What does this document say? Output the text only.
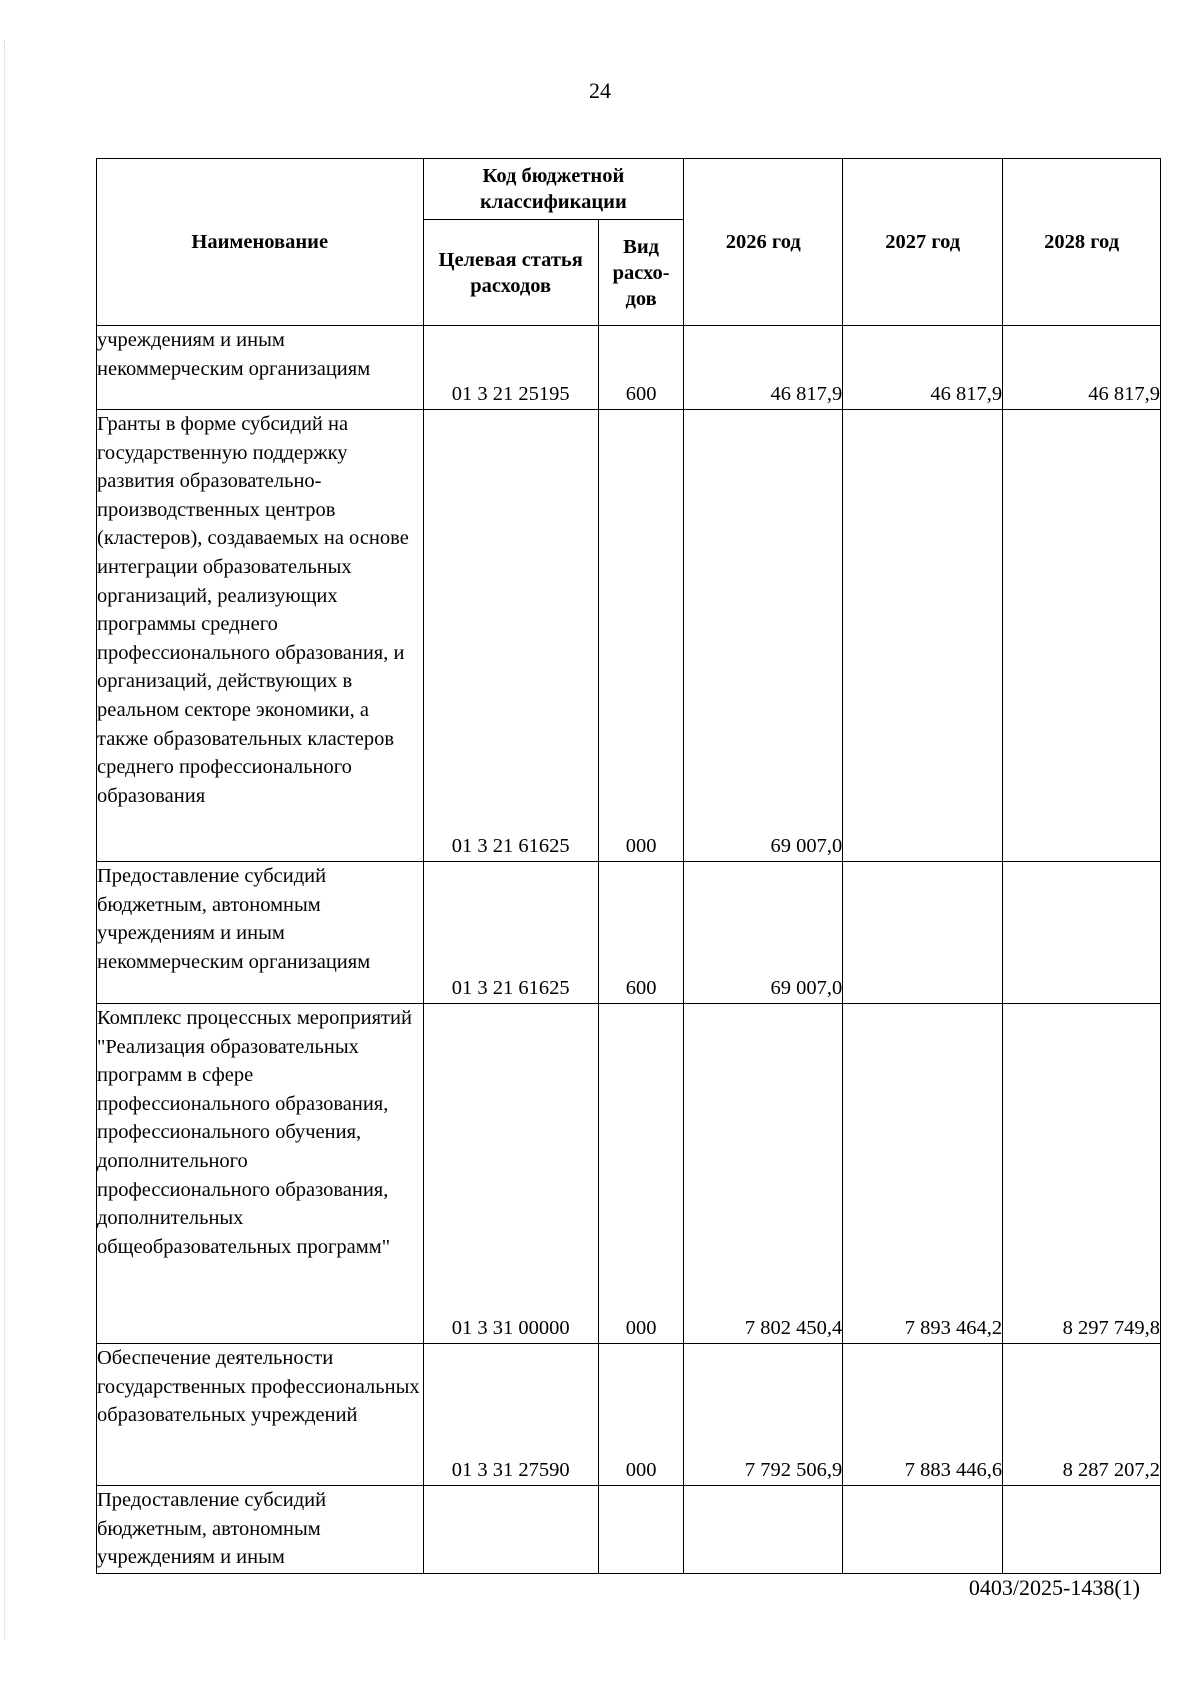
24
Наименование	Код бюджетной классификации		2026 год	2027 год	2028 год
	Целевая статья расходов	Вид расхо-дов			
учреждениям и иным некоммерческим организациям	01 3 21 25195	600	46 817,9	46 817,9	46 817,9
Гранты в форме субсидий на государственную поддержку развития образовательно-производственных центров (кластеров), создаваемых на основе интеграции образовательных организаций, реализующих программы среднего профессионального образования, и организаций, действующих в реальном секторе экономики, а также образовательных кластеров среднего профессионального образования	01 3 21 61625	000	69 007,0		
Предоставление субсидий бюджетным, автономным учреждениям и иным некоммерческим организациям	01 3 21 61625	600	69 007,0		
Комплекс процессных мероприятий "Реализация образовательных программ в сфере профессионального образования, профессионального обучения, дополнительного профессионального образования, дополнительных общеобразовательных программ"	01 3 31 00000	000	7 802 450,4	7 893 464,2	8 297 749,8
Обеспечение деятельности государственных профессиональных образовательных учреждений	01 3 31 27590	000	7 792 506,9	7 883 446,6	8 287 207,2
Предоставление субсидий бюджетным, автономным учреждениям и иным					
0403/2025-1438(1)
